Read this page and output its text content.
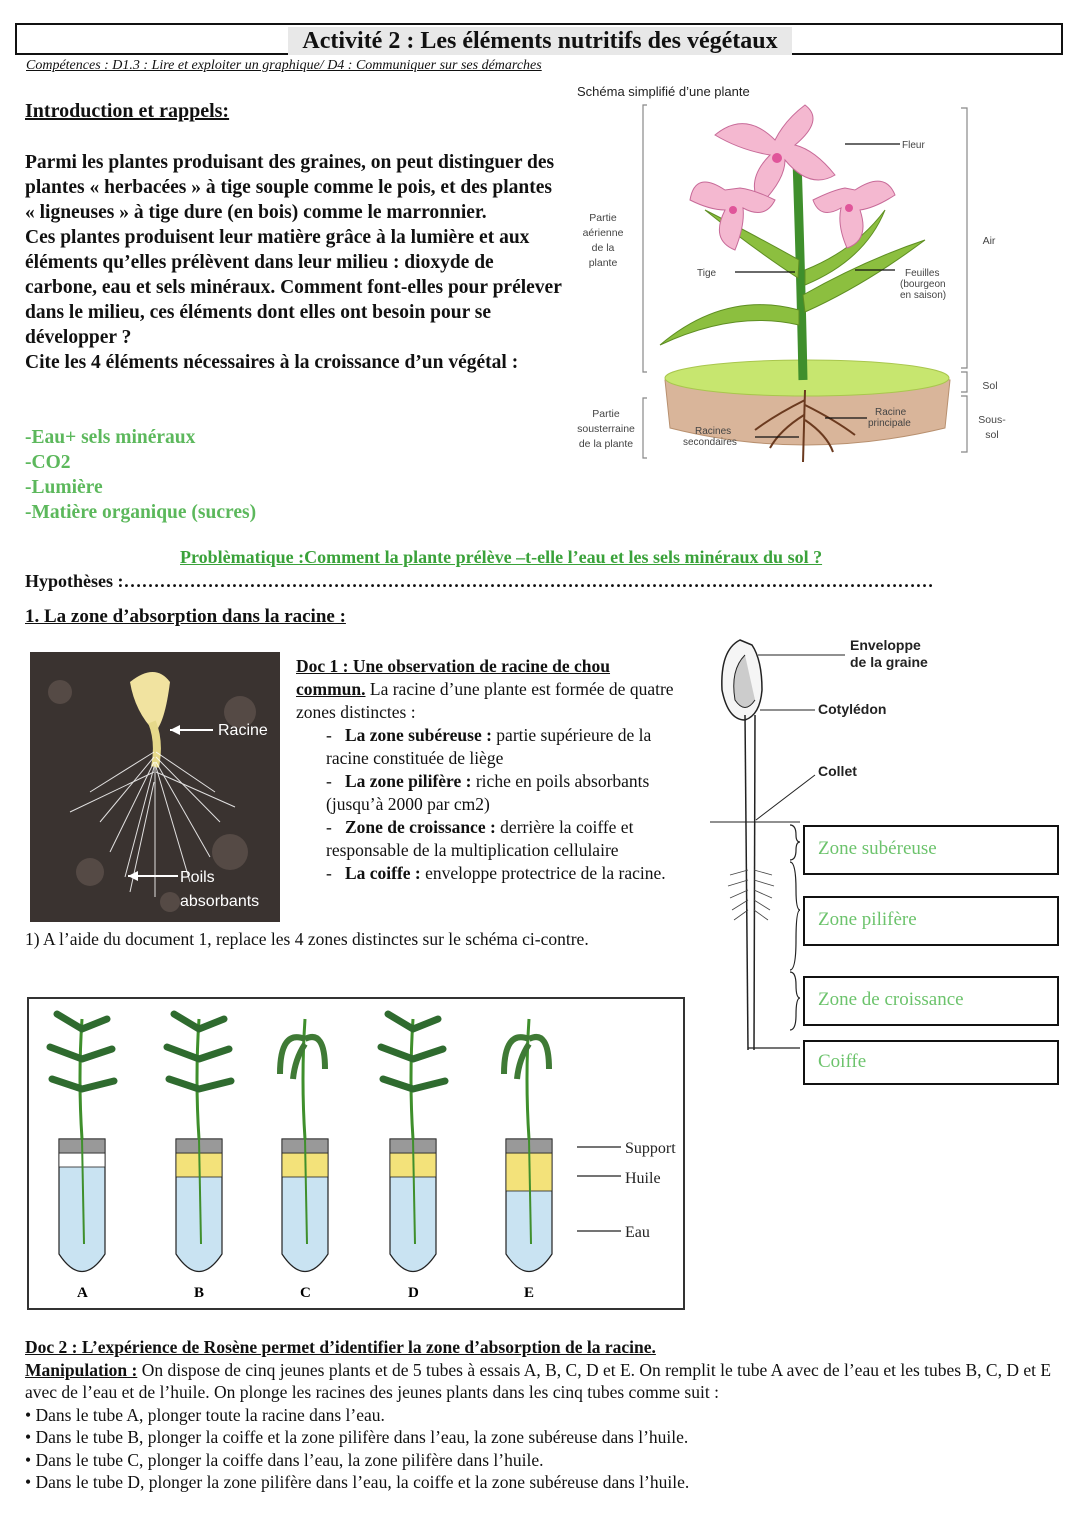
Activité 2 : Les éléments nutritifs des végétaux
Compétences : D1.3 : Lire et exploiter un graphique/ D4 : Communiquer sur ses démarches
Introduction et rappels:
Parmi les plantes produisant des graines, on peut distinguer des plantes « herbacées » à tige souple comme le pois, et des plantes « ligneuses » à tige dure (en bois) comme le marronnier.
Ces plantes produisent leur matière grâce à la lumière et aux éléments qu’elles prélèvent dans leur milieu : dioxyde de carbone, eau et sels minéraux. Comment font-elles pour prélever dans le milieu, ces éléments dont elles ont besoin pour se développer ?
Cite les 4 éléments nécessaires à la croissance d’un végétal :
-Eau+ sels minéraux
-CO2
-Lumière
-Matière organique (sucres)
Schéma simplifié d’une plante
Partie
aérienne
de la
plante
Partie
sousterraine
de la plante
Air
Sol
Sous-
sol
Fleur
Tige	Feuilles
(bourgeon
en saison)
Racines
secondaires
Racine
principale
Problèmatique :Comment la plante prélève –t-elle l’eau et les sels minéraux du sol ?
Hypothèses :………………………………………………………………………………………………………………………
1. La zone d’absorption dans la racine :
Racine
Poils
absorbants
Doc 1 : Une observation de racine de chou commun. La racine d’une plante est formée de quatre zones distinctes :
-   La zone subéreuse : partie supérieure de la racine constituée de liège
-   La zone pilifère : riche en poils absorbants (jusqu’à 2000 par cm2)
-   Zone de croissance : derrière la coiffe et responsable de la multiplication cellulaire
-   La coiffe : enveloppe protectrice de la racine.
1) A l’aide du document 1, replace les 4 zones distinctes sur le schéma ci-contre.
Enveloppe
de la graine
Cotylédon
Collet
Zone subéreuse
Zone pilifère
Zone de croissance
Coiffe
A	B	C	D	E
Support
Huile
Eau
Doc 2 : L’expérience de Rosène permet d’identifier la zone d’absorption de la racine.
Manipulation : On dispose de cinq jeunes plants et de 5 tubes à essais A, B, C, D et E. On remplit le tube A avec de l’eau et les tubes B, C, D et E avec de l’eau et de l’huile. On plonge les racines des jeunes plants dans les cinq tubes comme suit :
• Dans le tube A, plonger toute la racine dans l’eau.
• Dans le tube B, plonger la coiffe et la zone pilifère dans l’eau, la zone subéreuse dans l’huile.
• Dans le tube C, plonger la coiffe dans l’eau, la zone pilifère dans l’huile.
• Dans le tube D, plonger la zone pilifère dans l’eau, la coiffe et la zone subéreuse dans l’huile.
